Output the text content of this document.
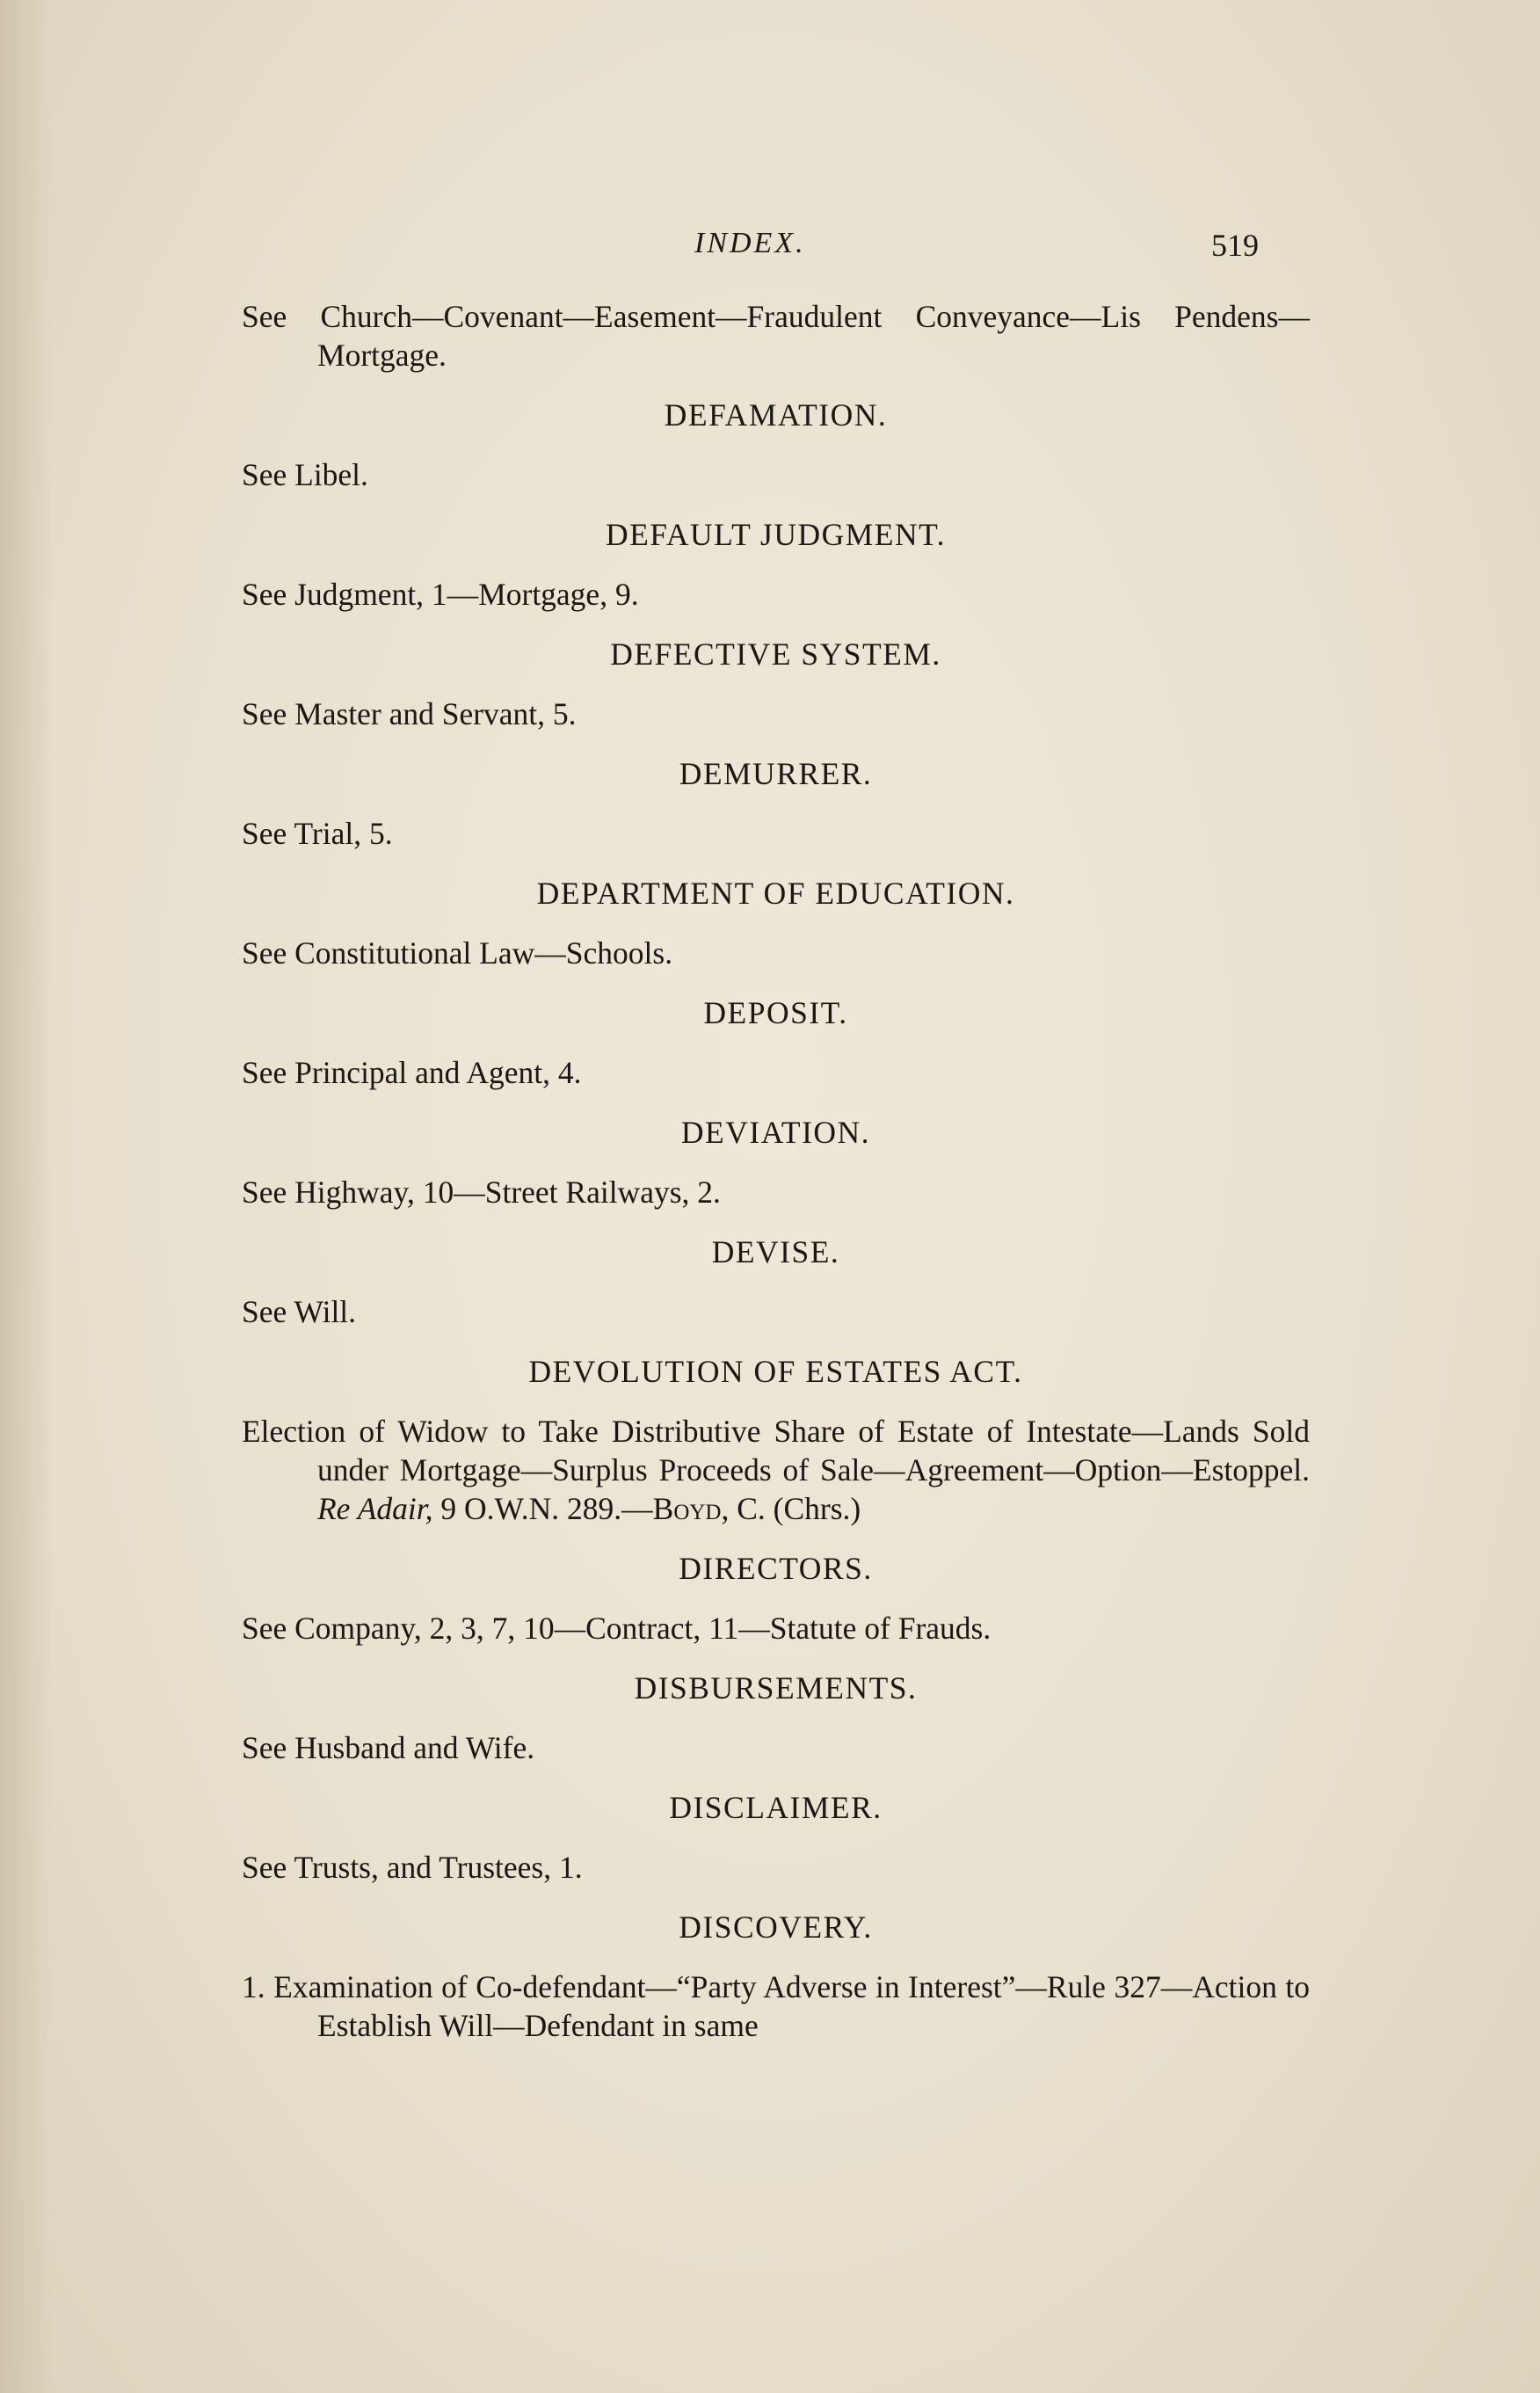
INDEX.	519
See Church—Covenant—Easement—Fraudulent Conveyance—Lis Pendens—Mortgage.
DEFAMATION.
See Libel.
DEFAULT JUDGMENT.
See Judgment, 1—Mortgage, 9.
DEFECTIVE SYSTEM.
See Master and Servant, 5.
DEMURRER.
See Trial, 5.
DEPARTMENT OF EDUCATION.
See Constitutional Law—Schools.
DEPOSIT.
See Principal and Agent, 4.
DEVIATION.
See Highway, 10—Street Railways, 2.
DEVISE.
See Will.
DEVOLUTION OF ESTATES ACT.
Election of Widow to Take Distributive Share of Estate of Intestate—Lands Sold under Mortgage—Surplus Proceeds of Sale—Agreement—Option—Estoppel. Re Adair, 9 O.W.N. 289.—Boyd, C. (Chrs.)
DIRECTORS.
See Company, 2, 3, 7, 10—Contract, 11—Statute of Frauds.
DISBURSEMENTS.
See Husband and Wife.
DISCLAIMER.
See Trusts, and Trustees, 1.
DISCOVERY.
1. Examination of Co-defendant—“Party Adverse in Interest”—Rule 327—Action to Establish Will—Defendant in same
